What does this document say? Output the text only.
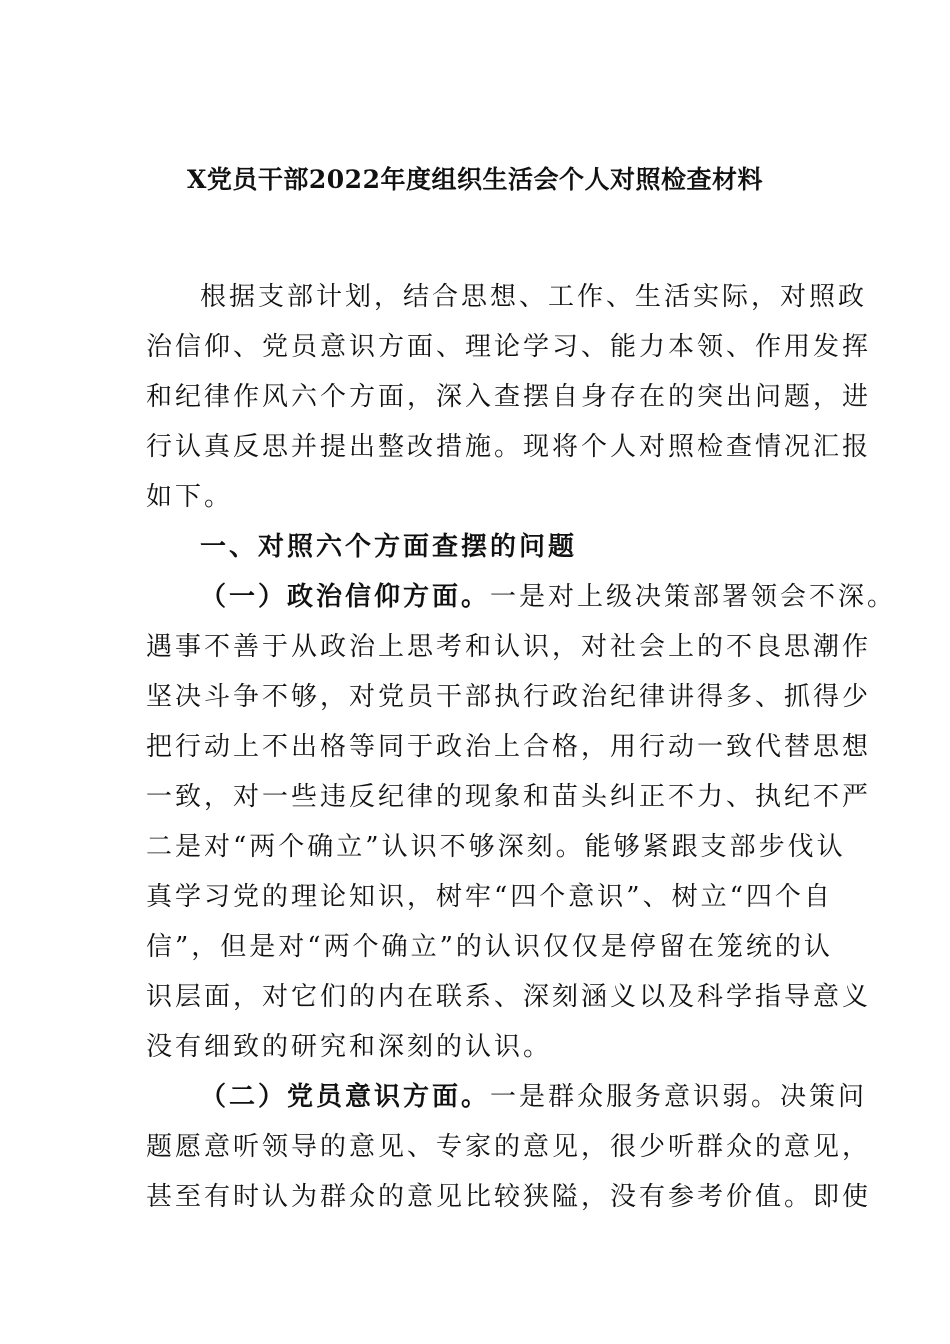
X党员干部2022年度组织生活会个人对照检查材料

根据支部计划，结合思想、工作、生活实际，对照政

治信仰、党员意识方面、理论学习、能力本领、作用发挥

和纪律作风六个方面，深入查摆自身存在的突出问题，进

行认真反思并提出整改措施。现将个人对照检查情况汇报

如下。

一、对照六个方面查摆的问题

（一）政治信仰方面。一是对上级决策部署领会不深。

遇事不善于从政治上思考和认识，对社会上的不良思潮作

坚决斗争不够，对党员干部执行政治纪律讲得多、抓得少

把行动上不出格等同于政治上合格，用行动一致代替思想

一致，对一些违反纪律的现象和苗头纠正不力、执纪不严

二是对“两个确立”认识不够深刻。能够紧跟支部步伐认

真学习党的理论知识，树牢“四个意识”、树立“四个自

信”，但是对“两个确立”的认识仅仅是停留在笼统的认

识层面，对它们的内在联系、深刻涵义以及科学指导意义

没有细致的研究和深刻的认识。

（二）党员意识方面。一是群众服务意识弱。决策问

题愿意听领导的意见、专家的意见，很少听群众的意见，

甚至有时认为群众的意见比较狭隘，没有参考价值。即使
